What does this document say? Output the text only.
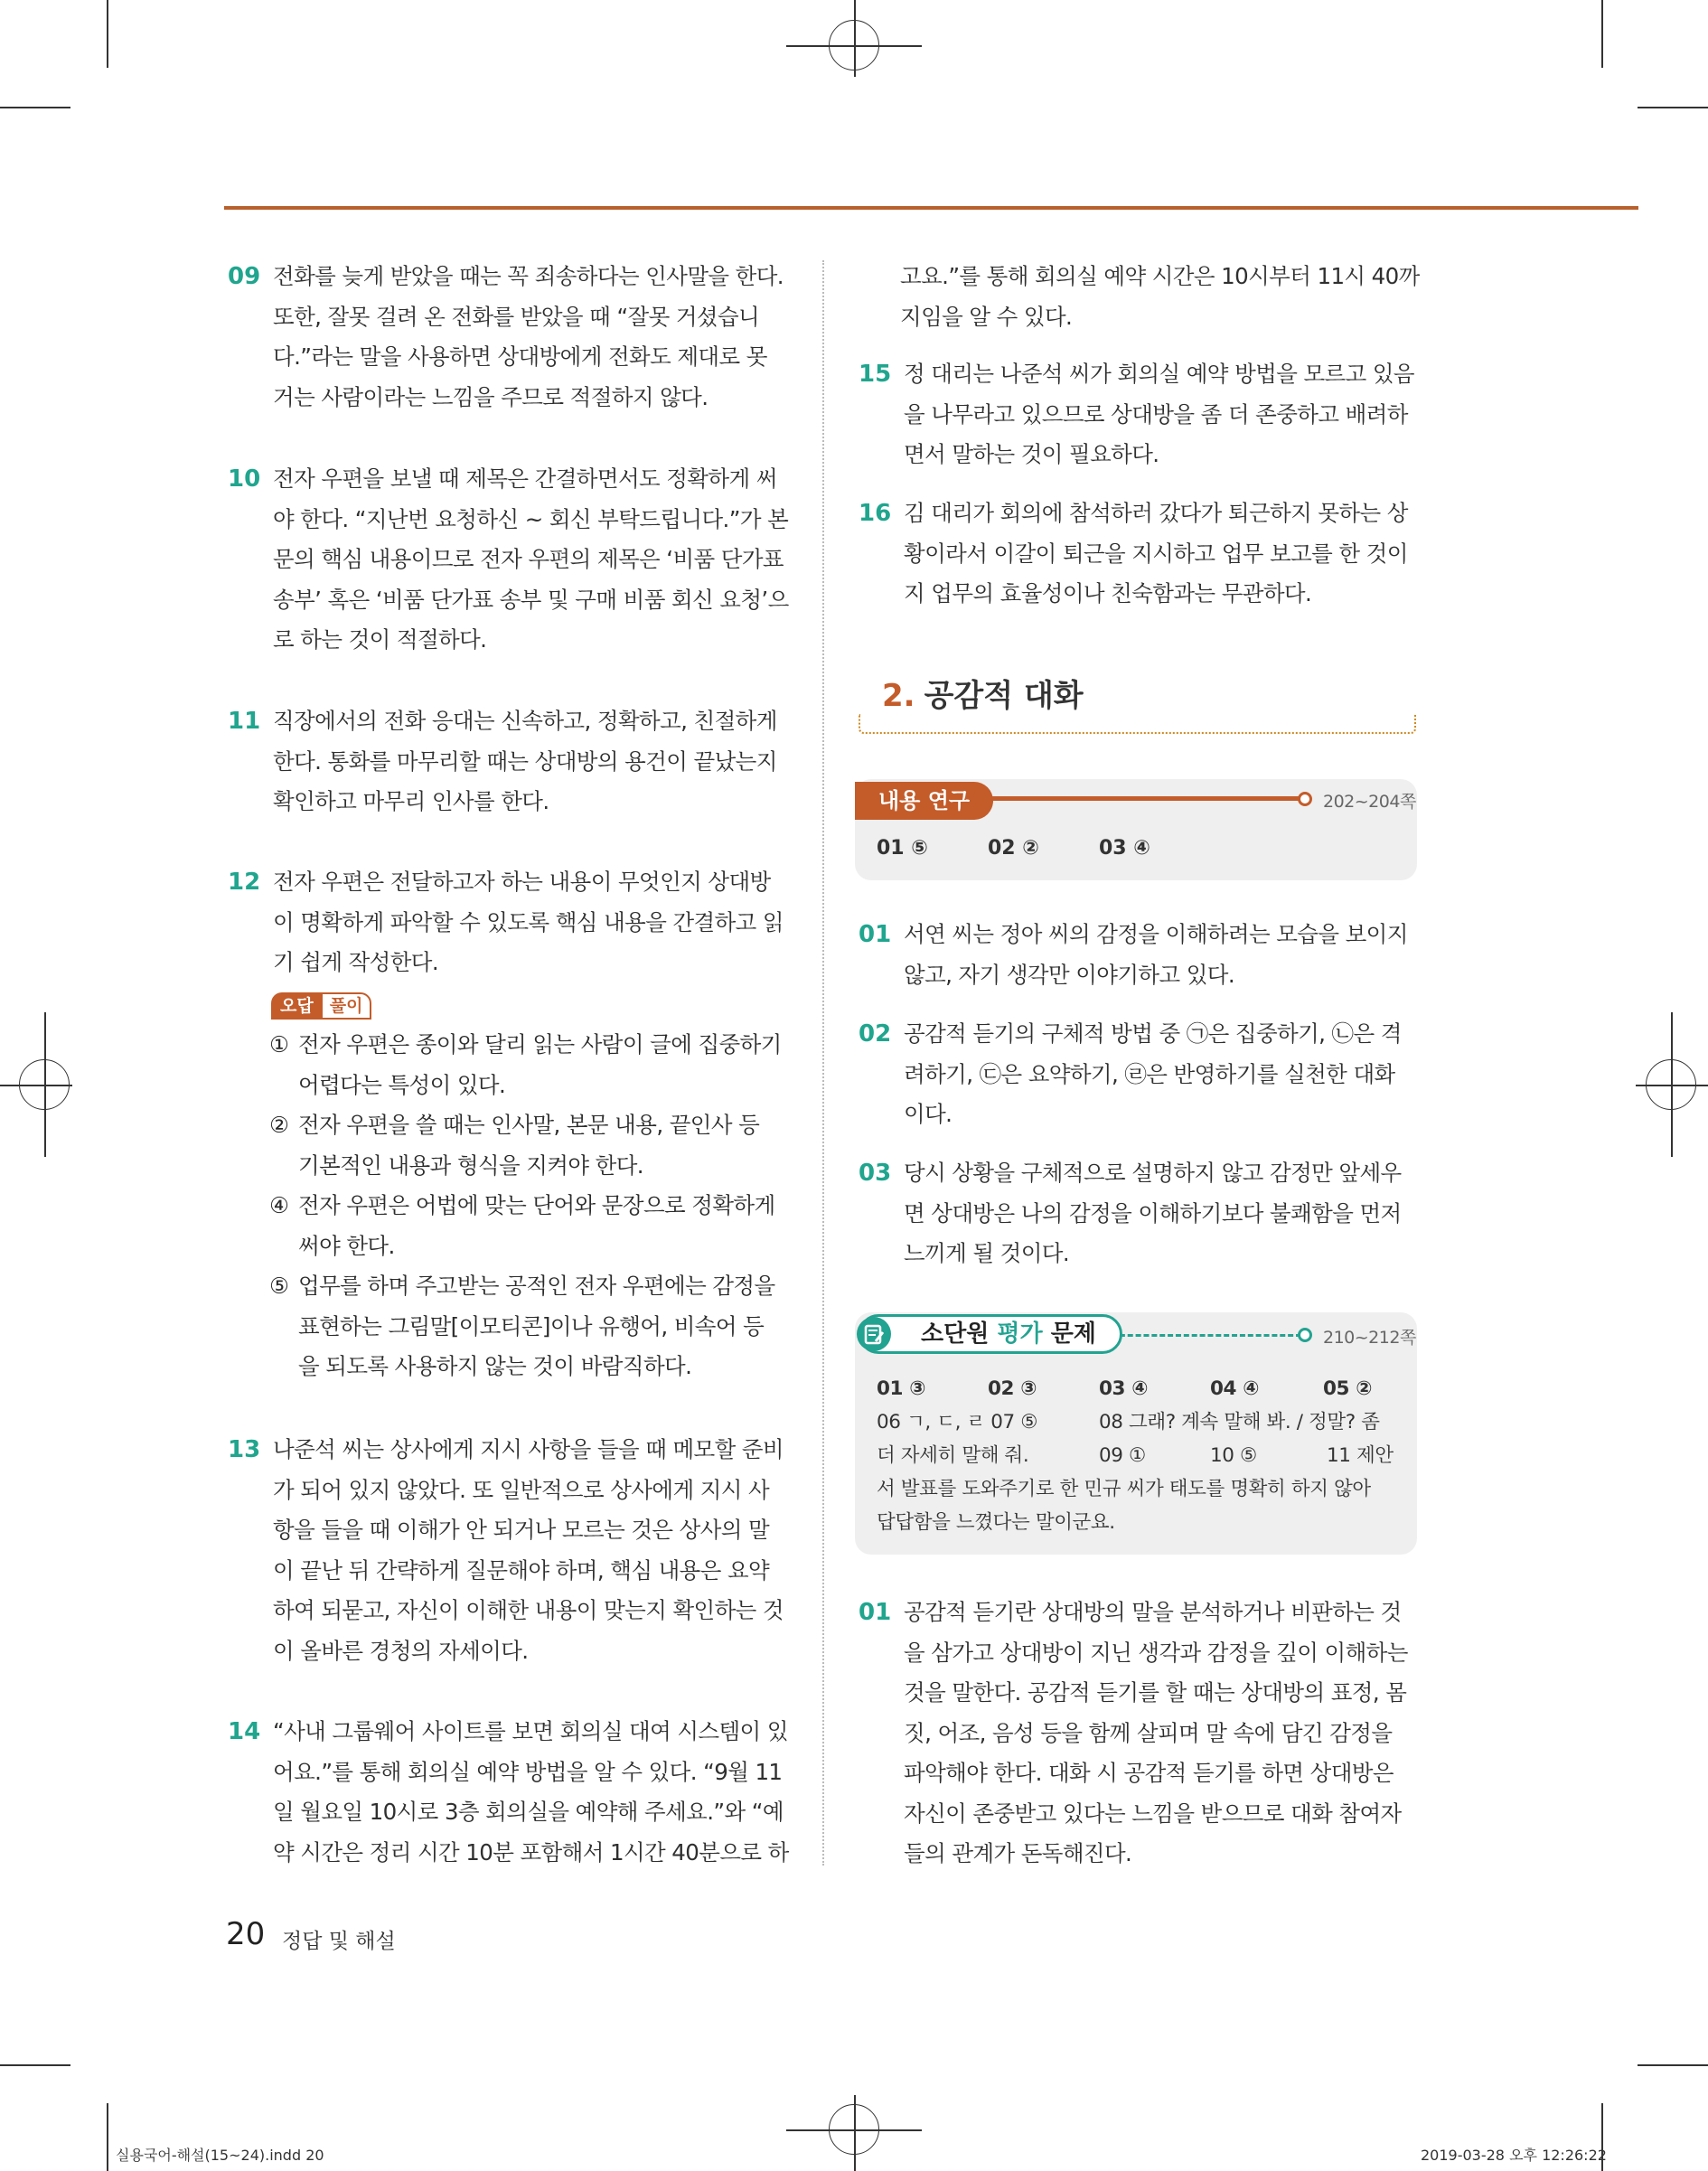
09 전화를 늦게 받았을 때는 꼭 죄송하다는 인사말을 한다.
또한, 잘못 걸려 온 전화를 받았을 때 “잘못 거셨습니
다.”라는 말을 사용하면 상대방에게 전화도 제대로 못
거는 사람이라는 느낌을 주므로 적절하지 않다.
10 전자 우편을 보낼 때 제목은 간결하면서도 정확하게 써
야 한다. “지난번 요청하신 ~ 회신 부탁드립니다.”가 본
문의 핵심 내용이므로 전자 우편의 제목은 ‘비품 단가표
송부’ 혹은 ‘비품 단가표 송부 및 구매 비품 회신 요청’으
로 하는 것이 적절하다.
11 직장에서의 전화 응대는 신속하고, 정확하고, 친절하게
한다. 통화를 마무리할 때는 상대방의 용건이 끝났는지
확인하고 마무리 인사를 한다.
12 전자 우편은 전달하고자 하는 내용이 무엇인지 상대방
이 명확하게 파악할 수 있도록 핵심 내용을 간결하고 읽
기 쉽게 작성한다.
오답 풀이
① 전자 우편은 종이와 달리 읽는 사람이 글에 집중하기
어렵다는 특성이 있다.
② 전자 우편을 쓸 때는 인사말, 본문 내용, 끝인사 등
기본적인 내용과 형식을 지켜야 한다.
④ 전자 우편은 어법에 맞는 단어와 문장으로 정확하게
써야 한다.
⑤ 업무를 하며 주고받는 공적인 전자 우편에는 감정을
표현하는 그림말[이모티콘]이나 유행어, 비속어 등
을 되도록 사용하지 않는 것이 바람직하다.
13 나준석 씨는 상사에게 지시 사항을 들을 때 메모할 준비
가 되어 있지 않았다. 또 일반적으로 상사에게 지시 사
항을 들을 때 이해가 안 되거나 모르는 것은 상사의 말
이 끝난 뒤 간략하게 질문해야 하며, 핵심 내용은 요약
하여 되묻고, 자신이 이해한 내용이 맞는지 확인하는 것
이 올바른 경청의 자세이다.
14 “사내 그룹웨어 사이트를 보면 회의실 대여 시스템이 있
어요.”를 통해 회의실 예약 방법을 알 수 있다. “9월 11
일 월요일 10시로 3층 회의실을 예약해 주세요.”와 “예
약 시간은 정리 시간 10분 포함해서 1시간 40분으로 하
고요.”를 통해 회의실 예약 시간은 10시부터 11시 40까
지임을 알 수 있다.
15 정 대리는 나준석 씨가 회의실 예약 방법을 모르고 있음
을 나무라고 있으므로 상대방을 좀 더 존중하고 배려하
면서 말하는 것이 필요하다.
16 김 대리가 회의에 참석하러 갔다가 퇴근하지 못하는 상
황이라서 이갈이 퇴근을 지시하고 업무 보고를 한 것이
지 업무의 효율성이나 친숙함과는 무관하다.
2. 공감적 대화
내용 연구	202~204쪽
01 ⑤	02 ②	03 ④
01 서연 씨는 정아 씨의 감정을 이해하려는 모습을 보이지
않고, 자기 생각만 이야기하고 있다.
02 공감적 듣기의 구체적 방법 중 ㉠은 집중하기, ㉡은 격
려하기, ㉢은 요약하기, ㉣은 반영하기를 실천한 대화
이다.
03 당시 상황을 구체적으로 설명하지 않고 감정만 앞세우
면 상대방은 나의 감정을 이해하기보다 불쾌함을 먼저
느끼게 될 것이다.
소단원 평가 문제	210~212쪽
01 ③	02 ③	03 ④	04 ④	05 ②
06 ㄱ, ㄷ, ㄹ 07 ⑤	08 그래? 계속 말해 봐. / 정말? 좀
더 자세히 말해 줘.	09 ①	10 ⑤	11 제안
서 발표를 도와주기로 한 민규 씨가 태도를 명확히 하지 않아
답답함을 느꼈다는 말이군요.
01 공감적 듣기란 상대방의 말을 분석하거나 비판하는 것
을 삼가고 상대방이 지닌 생각과 감정을 깊이 이해하는
것을 말한다. 공감적 듣기를 할 때는 상대방의 표정, 몸
짓, 어조, 음성 등을 함께 살피며 말 속에 담긴 감정을
파악해야 한다. 대화 시 공감적 듣기를 하면 상대방은
자신이 존중받고 있다는 느낌을 받으므로 대화 참여자
들의 관계가 돈독해진다.
20 정답 및 해설
실용국어-해설(15~24).indd 20	2019-03-28 오후 12:26:22
